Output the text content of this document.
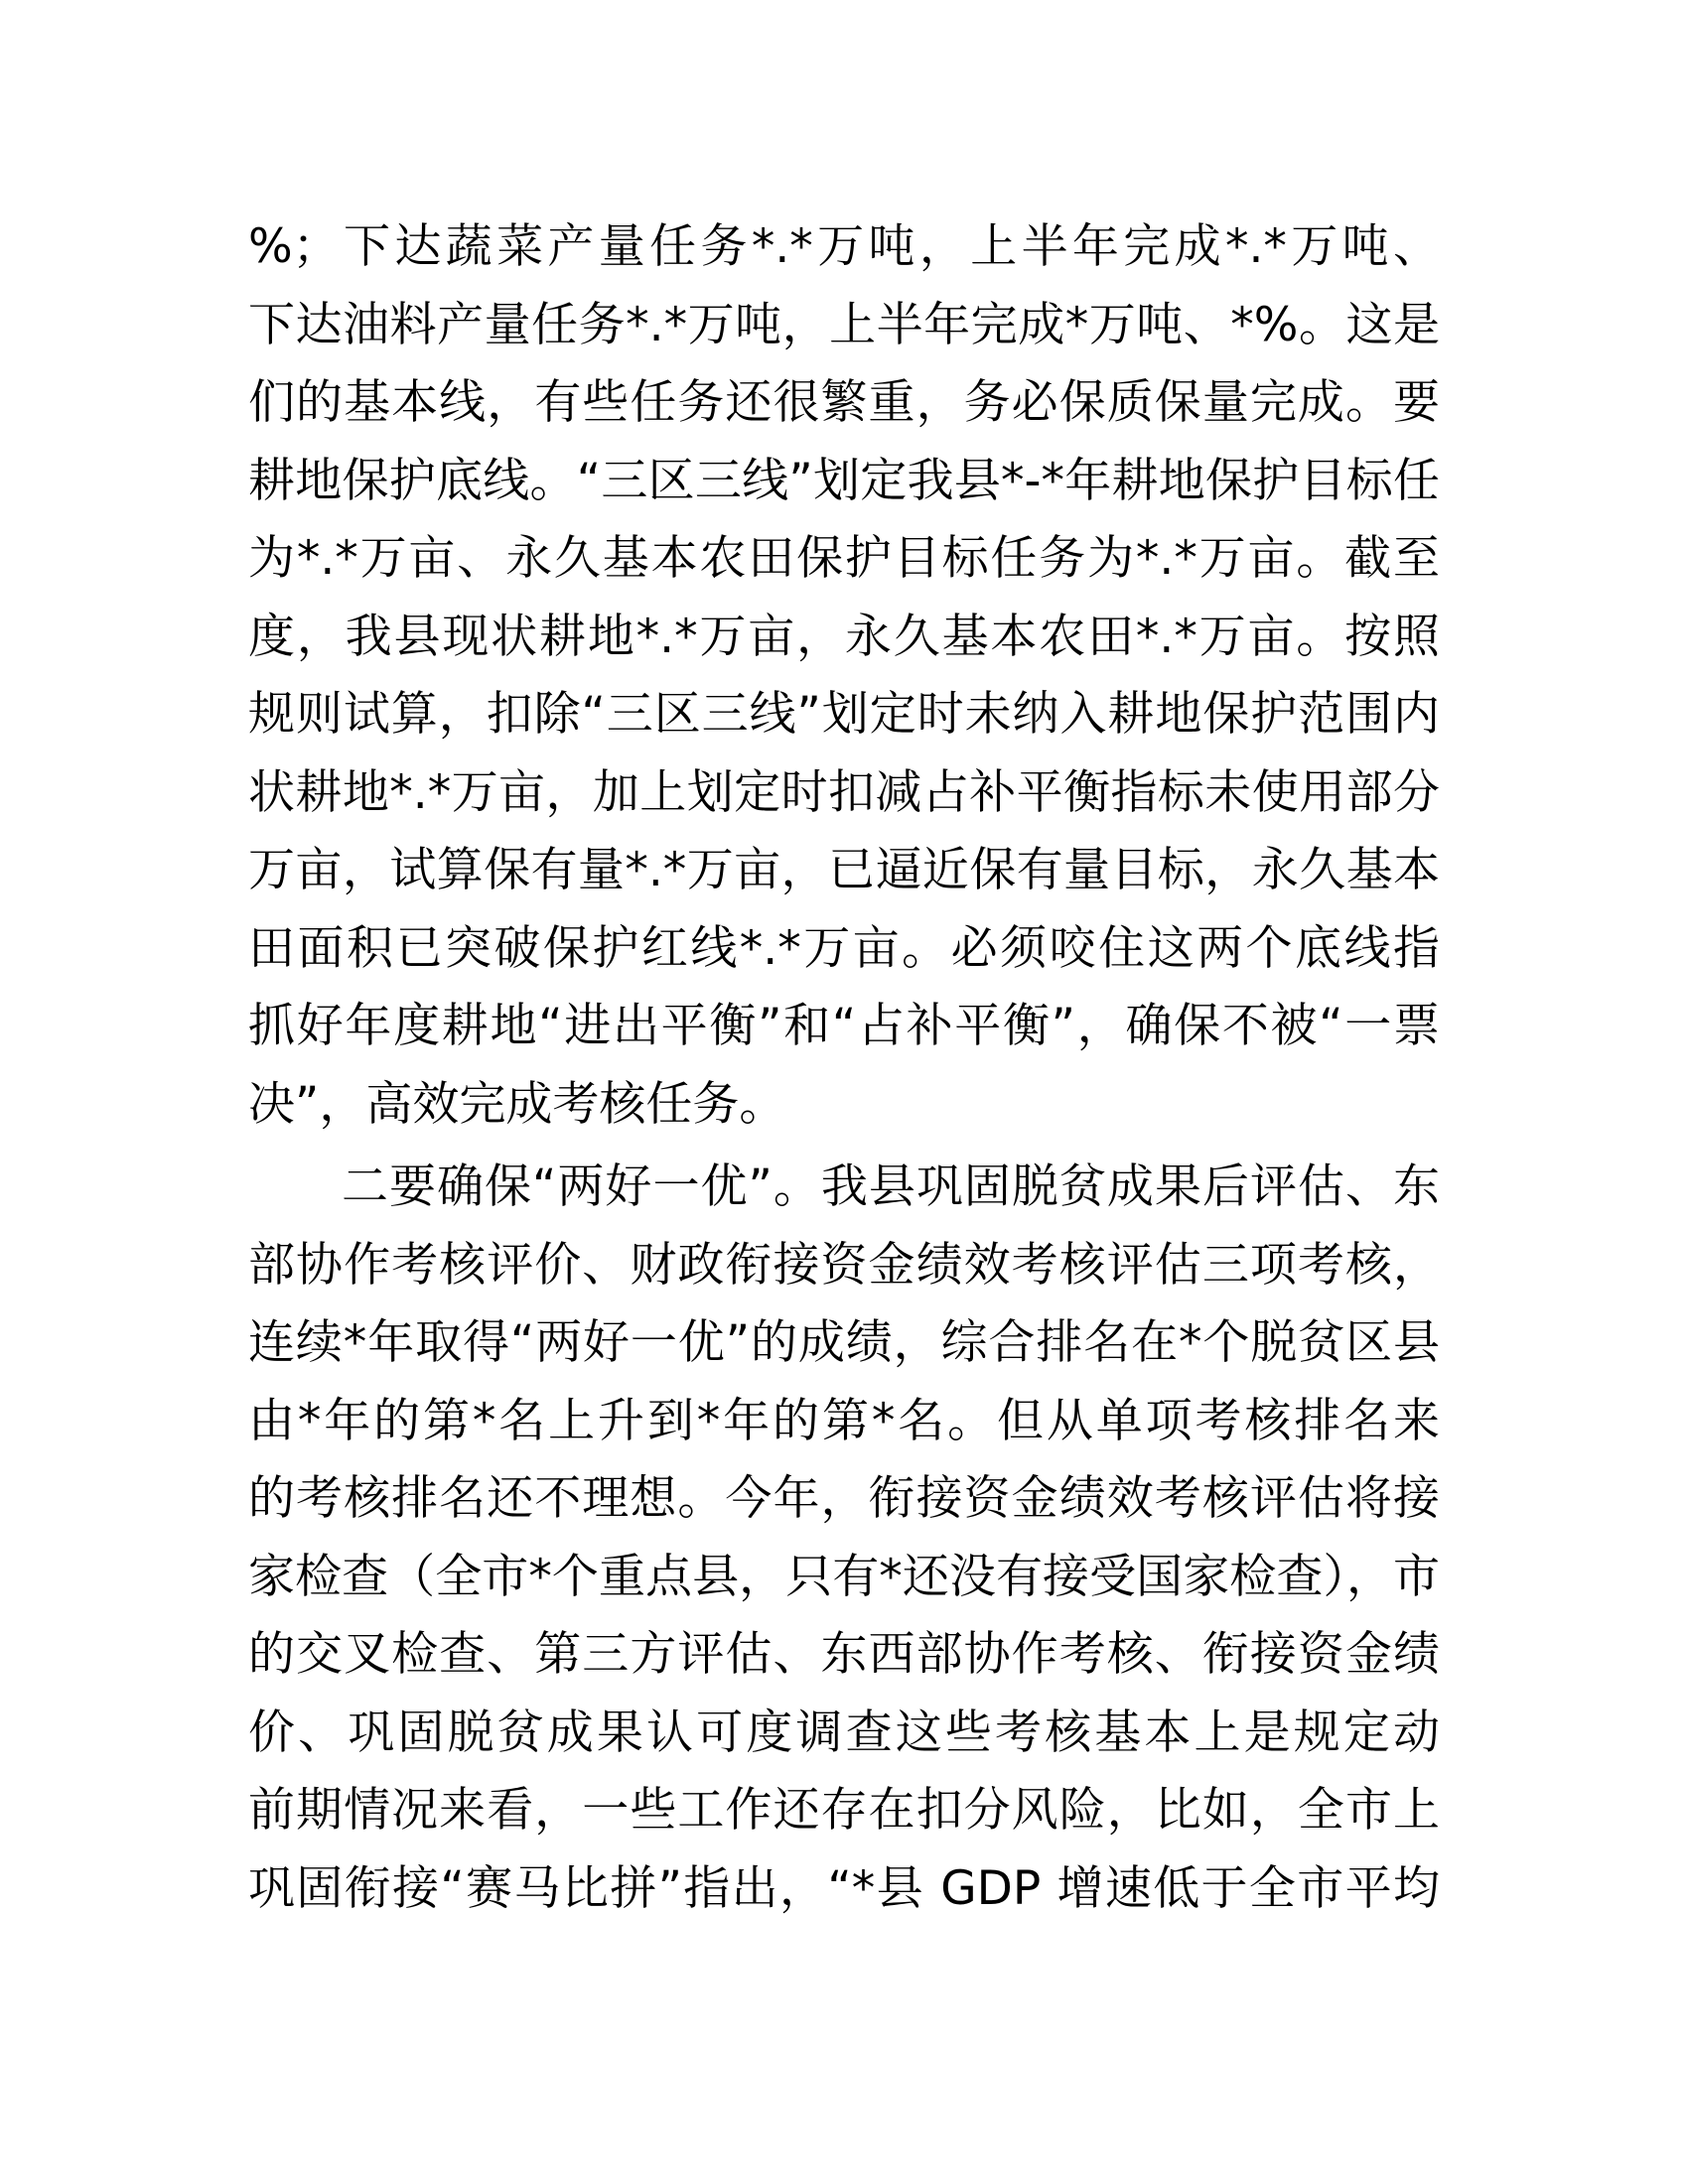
%；下达蔬菜产量任务*.*万吨，上半年完成*.*万吨、
下达油料产量任务*.*万吨，上半年完成*万吨、*%。这是
们的基本线，有些任务还很繁重，务必保质保量完成。要
耕地保护底线。“三区三线”划定我县*-*年耕地保护目标任
为*.*万亩、永久基本农田保护目标任务为*.*万亩。截至
度，我县现状耕地*.*万亩，永久基本农田*.*万亩。按照
规则试算，扣除“三区三线”划定时未纳入耕地保护范围内
状耕地*.*万亩，加上划定时扣减占补平衡指标未使用部分
万亩，试算保有量*.*万亩，已逼近保有量目标，永久基本
田面积已突破保护红线*.*万亩。必须咬住这两个底线指
抓好年度耕地“进出平衡”和“占补平衡”，确保不被“一票
决”，高效完成考核任务。
二要确保“两好一优”。我县巩固脱贫成果后评估、东
部协作考核评价、财政衔接资金绩效考核评估三项考核，
连续*年取得“两好一优”的成绩，综合排名在*个脱贫区县
由*年的第*名上升到*年的第*名。但从单项考核排名来
的考核排名还不理想。今年，衔接资金绩效考核评估将接
家检查（全市*个重点县，只有*还没有接受国家检查），市
的交叉检查、第三方评估、东西部协作考核、衔接资金绩
价、巩固脱贫成果认可度调查这些考核基本上是规定动
前期情况来看，一些工作还存在扣分风险，比如，全市上
巩固衔接“赛马比拼”指出，“*县 GDP 增速低于全市平均
